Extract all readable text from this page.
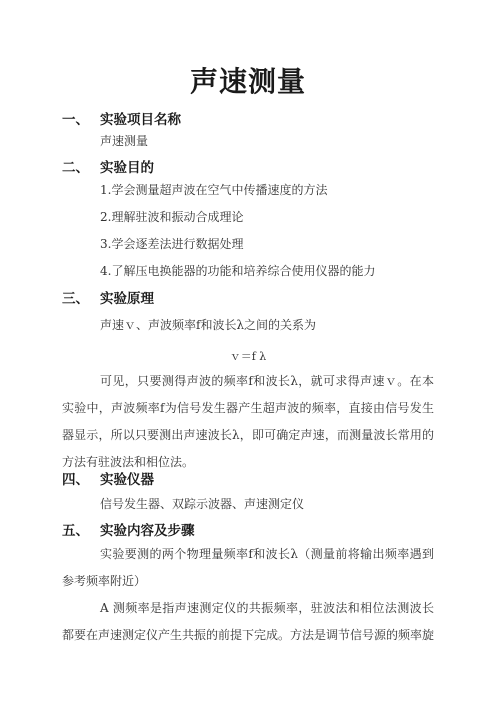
声速测量
一、 实验项目名称
声速测量
二、 实验目的
1.学会测量超声波在空气中传播速度的方法
2.理解驻波和振动合成理论
3.学会逐差法进行数据处理
4.了解压电换能器的功能和培养综合使用仪器的能力
三、 实验原理
声速ｖ、声波频率f和波长λ之间的关系为
ｖ＝f λ
可见，只要测得声波的频率f和波长λ，就可求得声速ｖ。在本实验中，声波频率f为信号发生器产生超声波的频率，直接由信号发生器显示，所以只要测出声速波长λ，即可确定声速，而测量波长常用的方法有驻波法和相位法。
四、 实验仪器
信号发生器、双踪示波器、声速测定仪
五、 实验内容及步骤
实验要测的两个物理量频率f和波长λ（测量前将输出频率遇到参考频率附近）
A 测频率是指声速测定仪的共振频率，驻波法和相位法测波长都要在声速测定仪产生共振的前提下完成。方法是调节信号源的频率旋
